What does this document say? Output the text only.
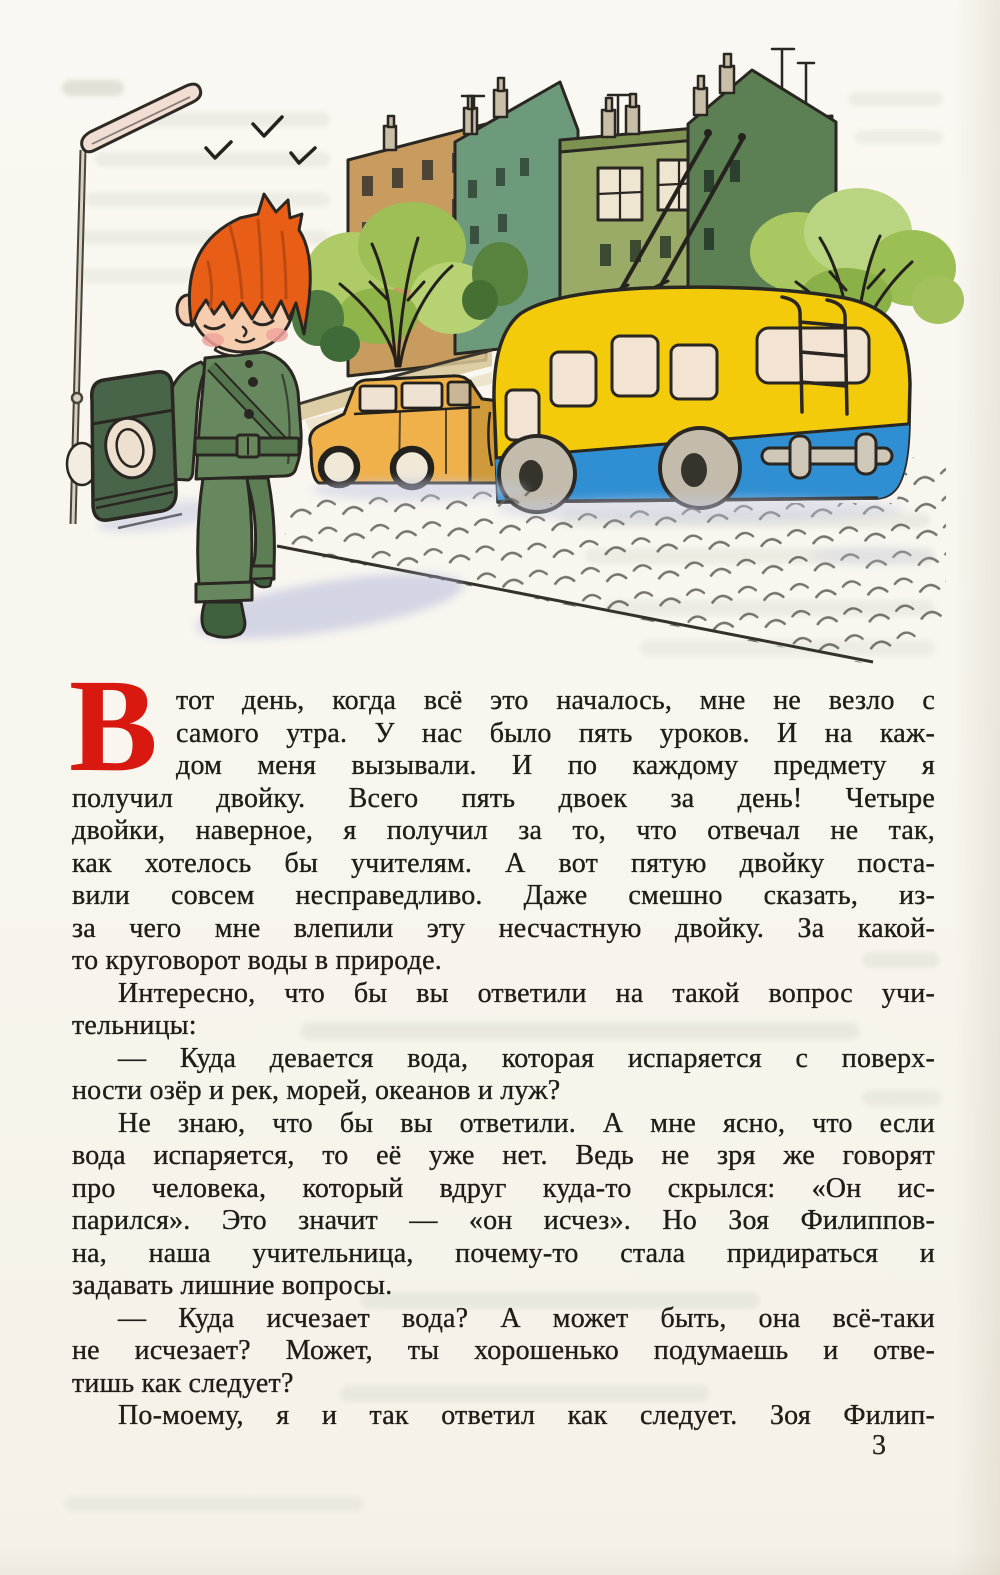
В тот день, когда всё это началось, мне не везло с
самого утра. У нас было пять уроков. И на каж-
дом меня вызывали. И по каждому предмету я
получил двойку. Всего пять двоек за день! Четыре
двойки, наверное, я получил за то, что отвечал не так,
как хотелось бы учителям. А вот пятую двойку поста-
вили совсем несправедливо. Даже смешно сказать, из-
за чего мне влепили эту несчастную двойку. За какой-
то круговорот воды в природе.
Интересно, что бы вы ответили на такой вопрос учи-
тельницы:
— Куда девается вода, которая испаряется с поверх-
ности озёр и рек, морей, океанов и луж?
Не знаю, что бы вы ответили. А мне ясно, что если
вода испаряется, то её уже нет. Ведь не зря же говорят
про человека, который вдруг куда-то скрылся: «Он ис-
парился». Это значит — «он исчез». Но Зоя Филиппов-
на, наша учительница, почему-то стала придираться и
задавать лишние вопросы.
— Куда исчезает вода? А может быть, она всё-таки
не исчезает? Может, ты хорошенько подумаешь и отве-
тишь как следует?
По-моему, я и так ответил как следует. Зоя Филип-
3
